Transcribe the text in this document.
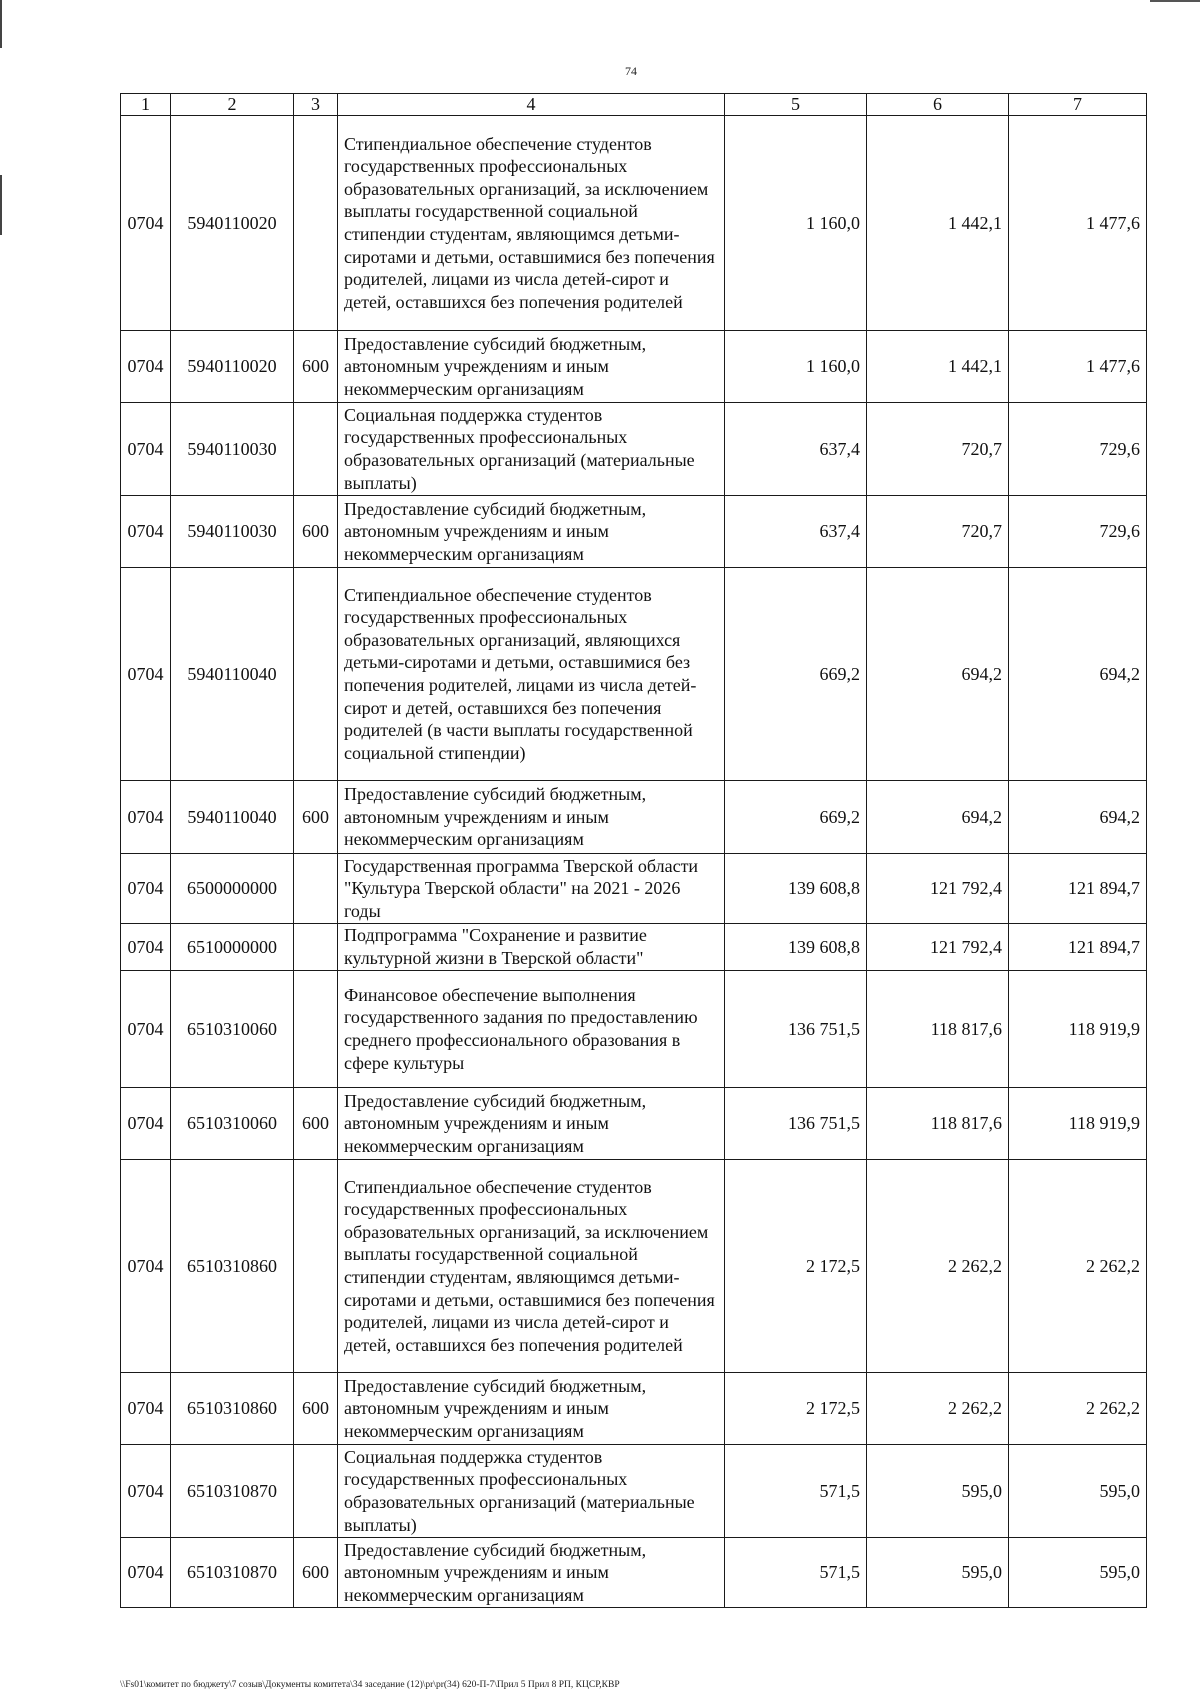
74
1	2	3	4	5	6	7
0704	5940110020		Стипендиальное обеспечение студентов государственных профессиональных образовательных организаций, за исключением выплаты государственной социальной стипендии студентам, являющимся детьми-сиротами и детьми, оставшимися без попечения родителей, лицами из числа детей-сирот и детей, оставшихся без попечения родителей	1 160,0	1 442,1	1 477,6
0704	5940110020	600	Предоставление субсидий бюджетным, автономным учреждениям и иным некоммерческим организациям	1 160,0	1 442,1	1 477,6
0704	5940110030		Социальная поддержка студентов государственных профессиональных образовательных организаций (материальные выплаты)	637,4	720,7	729,6
0704	5940110030	600	Предоставление субсидий бюджетным, автономным учреждениям и иным некоммерческим организациям	637,4	720,7	729,6
0704	5940110040		Стипендиальное обеспечение студентов государственных профессиональных образовательных организаций, являющихся детьми-сиротами и детьми, оставшимися без попечения родителей, лицами из числа детей-сирот и детей, оставшихся без попечения родителей (в части выплаты государственной социальной стипендии)	669,2	694,2	694,2
0704	5940110040	600	Предоставление субсидий бюджетным, автономным учреждениям и иным некоммерческим организациям	669,2	694,2	694,2
0704	6500000000		Государственная программа Тверской области "Культура Тверской области" на 2021 - 2026 годы	139 608,8	121 792,4	121 894,7
0704	6510000000		Подпрограмма "Сохранение и развитие культурной жизни в Тверской области"	139 608,8	121 792,4	121 894,7
0704	6510310060		Финансовое обеспечение выполнения государственного задания по предоставлению среднего профессионального образования в сфере культуры	136 751,5	118 817,6	118 919,9
0704	6510310060	600	Предоставление субсидий бюджетным, автономным учреждениям и иным некоммерческим организациям	136 751,5	118 817,6	118 919,9
0704	6510310860		Стипендиальное обеспечение студентов государственных профессиональных образовательных организаций, за исключением выплаты государственной социальной стипендии студентам, являющимся детьми-сиротами и детьми, оставшимися без попечения родителей, лицами из числа детей-сирот и детей, оставшихся без попечения родителей	2 172,5	2 262,2	2 262,2
0704	6510310860	600	Предоставление субсидий бюджетным, автономным учреждениям и иным некоммерческим организациям	2 172,5	2 262,2	2 262,2
0704	6510310870		Социальная поддержка студентов государственных профессиональных образовательных организаций (материальные выплаты)	571,5	595,0	595,0
0704	6510310870	600	Предоставление субсидий бюджетным, автономным учреждениям и иным некоммерческим организациям	571,5	595,0	595,0
\\Fs01\комитет по бюджету\7 созыв\Документы комитета\34 заседание (12)\pr\pr(34) 620-П-7\Прил 5 Прил 8 РП, КЦСР,КВР
